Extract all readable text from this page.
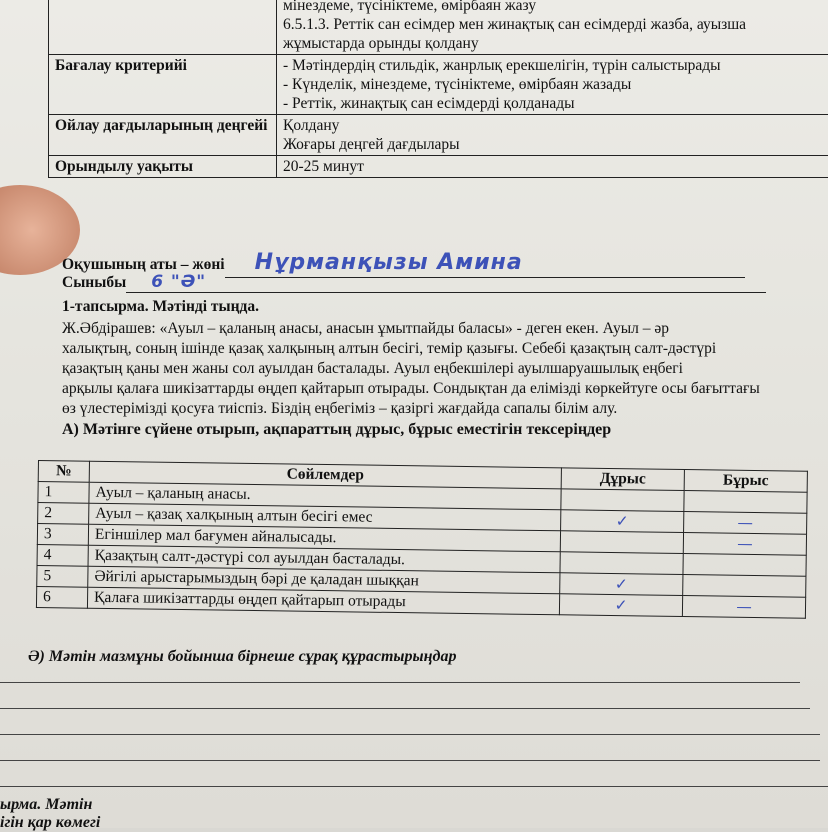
	мінездеме, түсініктеме, өмірбаян жазу
6.5.1.3. Реттік сан есімдер мен жинақтық сан есімдерді жазба, ауызша
жұмыстарда орынды қолдану

Бағалау критерийі	- Мәтіндердің стильдік, жанрлық ерекшелігін, түрін салыстырады
- Күнделік, мінездеме, түсініктеме, өмірбаян жазады
- Реттік, жинақтық сан есімдерді қолданады

Ойлау дағдыларының деңгейі	Қолдану
Жоғары деңгей дағдылары

Орындылу уақыты	20-25 минут
Оқушының аты – жөні Нұрманқызы Амина
Сыныбы 6 "Ә"
1-тапсырма. Мәтінді тыңда.
Ж.Әбдірашев: «Ауыл – қаланың анасы, анасын ұмытпайды баласы» - деген екен. Ауыл – әр
халықтың, соның ішінде қазақ халқының алтын бесігі, темір қазығы. Себебі қазақтың салт-дәстүрі
қазақтың қаны мен жаны сол ауылдан басталады. Ауыл еңбекшілері ауылшаруашылық еңбегі
арқылы қалаға шикізаттарды өңдеп қайтарып отырады. Сондықтан да елімізді көркейтуге осы бағыттағы
өз үлестерімізді қосуға тиіспіз. Біздің еңбегіміз – қазіргі жағдайда сапалы білім алу.
А) Мәтінге сүйене отырып, ақпараттың дұрыс, бұрыс еместігін тексеріңдер
№	Сөйлемдер	Дұрыс	Бұрыс
1	Ауыл – қаланың анасы.		
2	Ауыл – қазақ халқының алтын бесігі емес	✓	—
3	Егіншілер мал бағумен айналысады.		—
4	Қазақтың салт-дәстүрі сол ауылдан басталады.		
5	Әйгілі арыстарымыздың бәрі де қаладан шыққан	✓	
6	Қалаға шикізаттарды өңдеп қайтарып отырады	✓	—
Ә) Мәтін мазмұны бойынша бірнеше сұрақ құрастырыңдар
ырма. Мәтін
ігін қар көмегі
